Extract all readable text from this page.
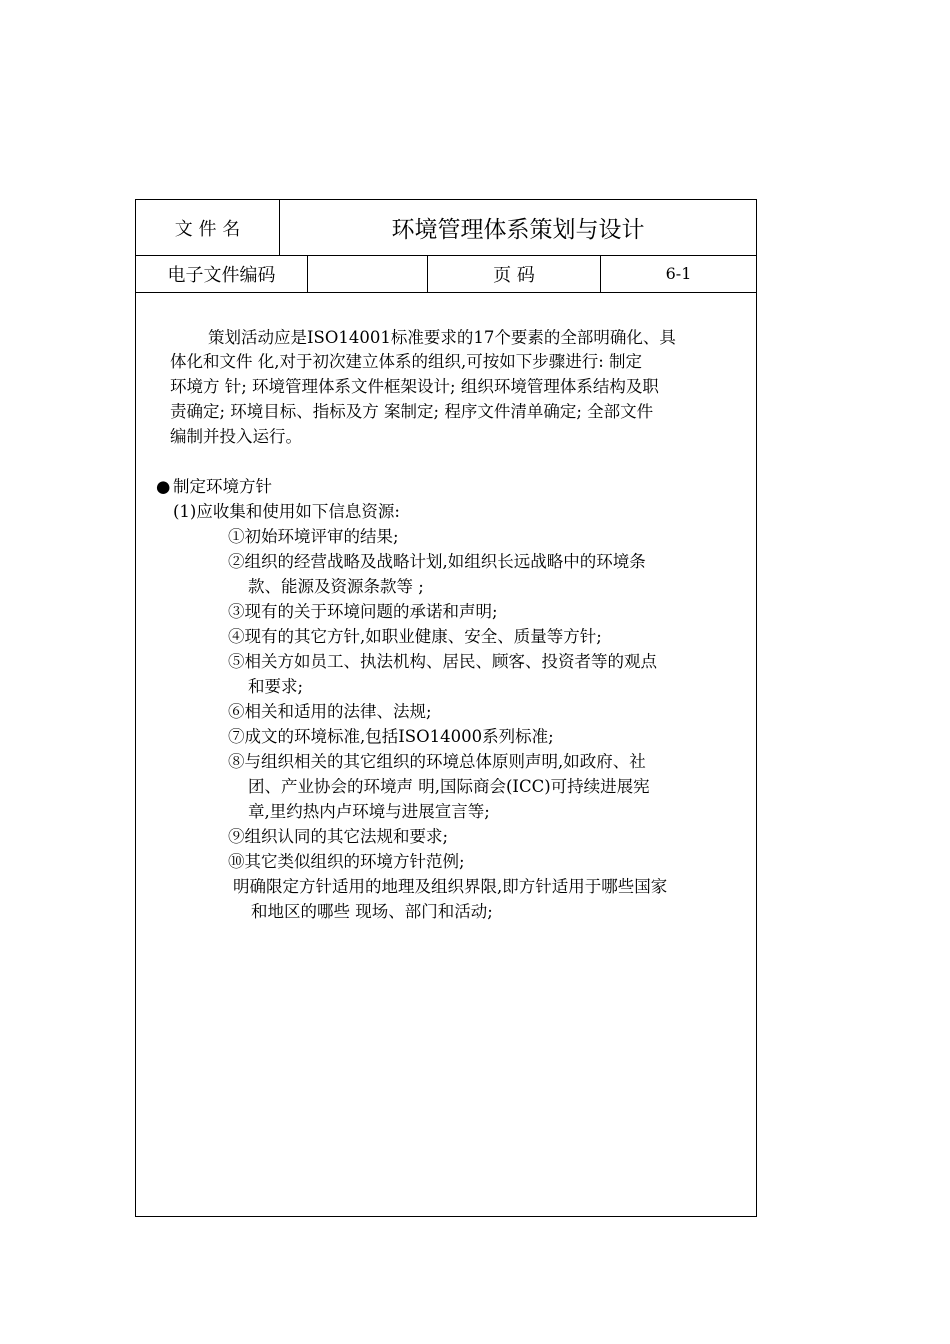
文 件 名	环境管理体系策划与设计
电子文件编码	页 码	6-1
策划活动应是ISO14001标准要求的17个要素的全部明确化、具
体化和文件 化,对于初次建立体系的组织,可按如下步骤进行: 制定
环境方 针; 环境管理体系文件框架设计; 组织环境管理体系结构及职
责确定; 环境目标、指标及方 案制定; 程序文件清单确定; 全部文件
编制并投入运行。
● 制定环境方针
(1)应收集和使用如下信息资源:
①初始环境评审的结果;
②组织的经营战略及战略计划,如组织长远战略中的环境条
款、能源及资源条款等 ;
③现有的关于环境问题的承诺和声明;
④现有的其它方针,如职业健康、安全、质量等方针;
⑤相关方如员工、执法机构、居民、顾客、投资者等的观点
和要求;
⑥相关和适用的法律、法规;
⑦成文的环境标准,包括ISO14000系列标准;
⑧与组织相关的其它组织的环境总体原则声明,如政府、社
团、产业协会的环境声 明,国际商会(ICC)可持续进展宪
章,里约热内卢环境与进展宣言等;
⑨组织认同的其它法规和要求;
⑩其它类似组织的环境方针范例;
明确限定方针适用的地理及组织界限,即方针适用于哪些国家
和地区的哪些 现场、部门和活动;
